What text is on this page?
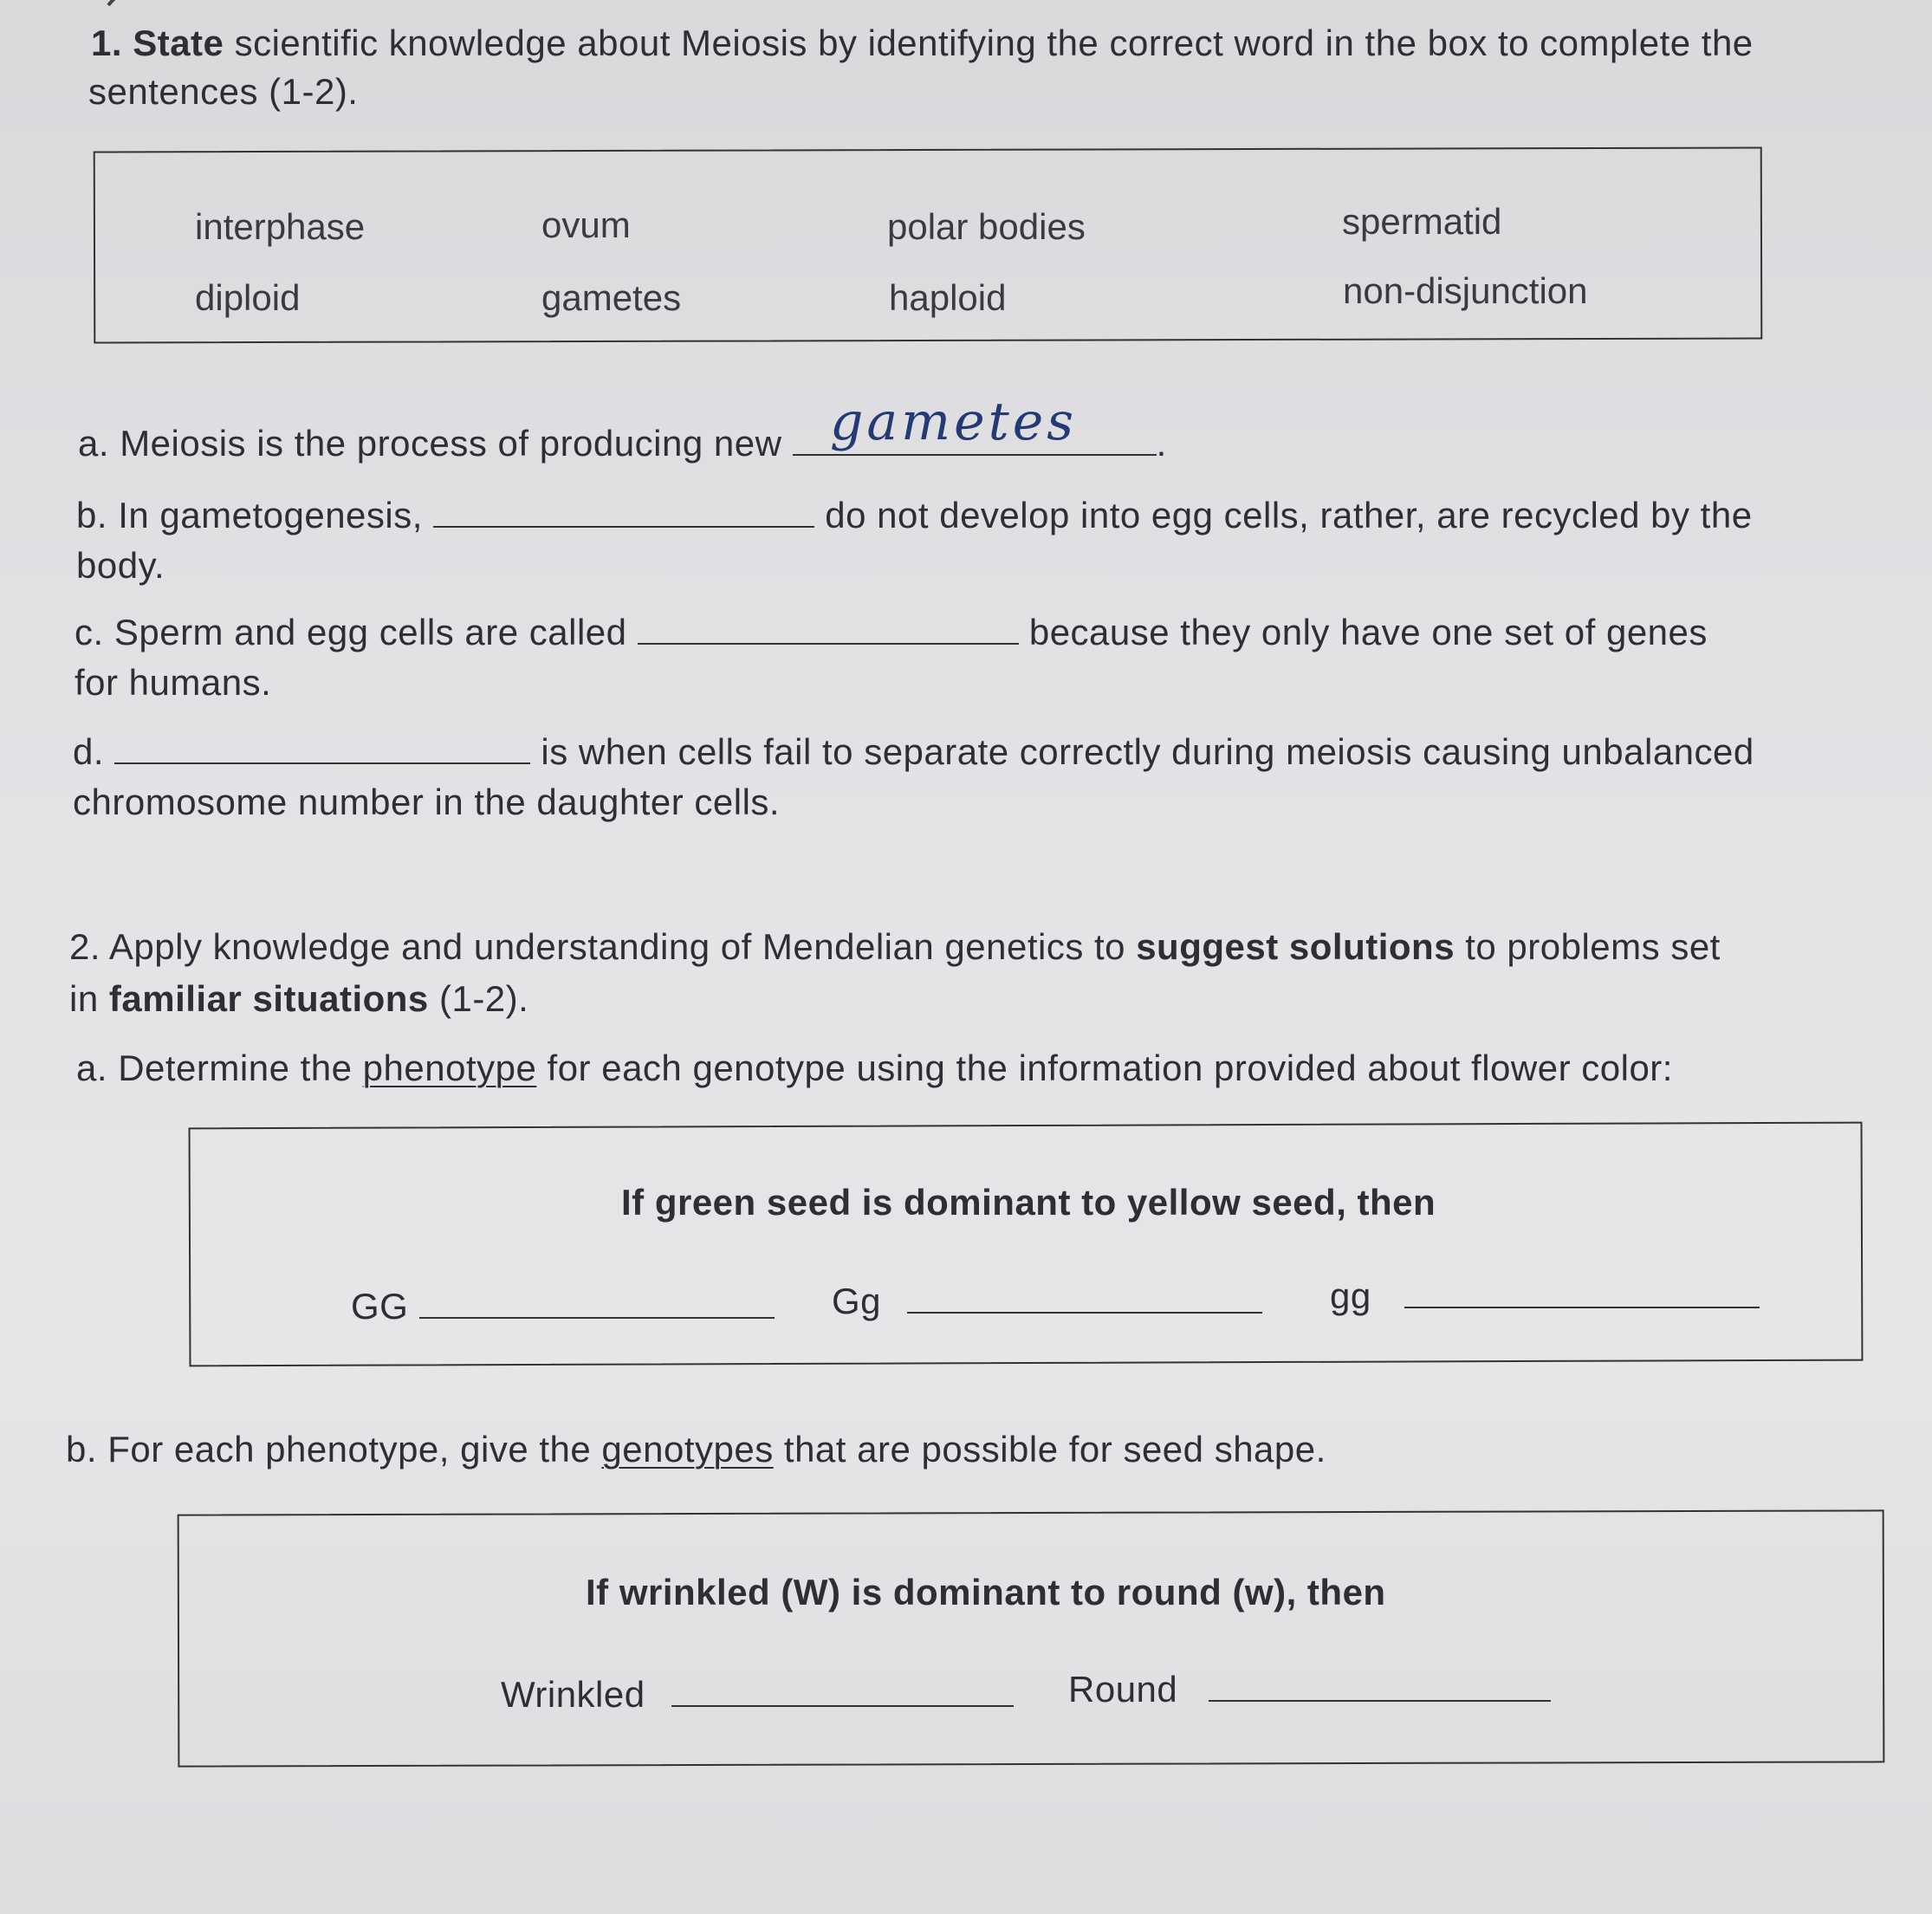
1. State scientific knowledge about Meiosis by identifying the correct word in the box to complete the
sentences (1-2).
interphase	ovum	polar bodies	spermatid
diploid	gametes	haploid	non-disjunction
a. Meiosis is the process of producing new	.
gametes
b. In gametogenesis,	do not develop into egg cells, rather, are recycled by the
body.
c. Sperm and egg cells are called	because they only have one set of genes
for humans.
d.	is when cells fail to separate correctly during meiosis causing unbalanced
chromosome number in the daughter cells.
2. Apply knowledge and understanding of Mendelian genetics to suggest solutions to problems set
in familiar situations (1-2).
a. Determine the phenotype for each genotype using the information provided about flower color:
If green seed is dominant to yellow seed, then
GG	Gg	gg
b. For each phenotype, give the genotypes that are possible for seed shape.
If wrinkled (W) is dominant to round (w), then
Wrinkled	Round
